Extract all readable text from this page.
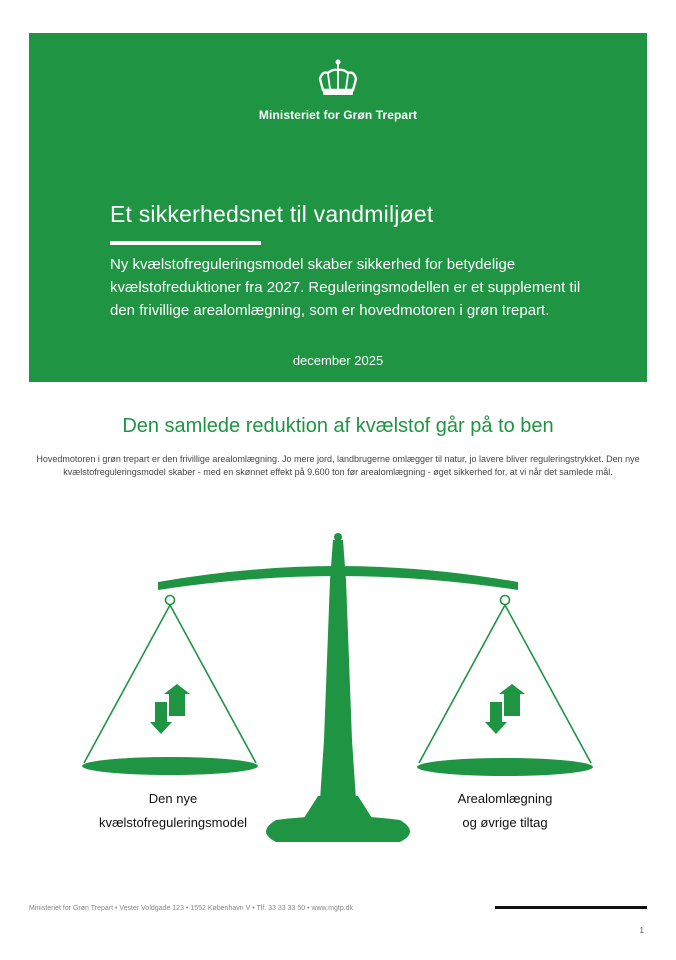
Ministeriet for Grøn Trepart
Et sikkerhedsnet til vandmiljøet

Ny kvælstofreguleringsmodel skaber sikkerhed for betydelige kvælstofreduktioner fra 2027. Reguleringsmodellen er et supplement til den frivillige arealomlægning, som er hovedmotoren i grøn trepart.

december 2025
Den samlede reduktion af kvælstof går på to ben

Hovedmotoren i grøn trepart er den frivillige arealomlægning. Jo mere jord, landbrugerne omlægger til natur, jo lavere bliver reguleringstrykket. Den nye kvælstofreguleringsmodel skaber - med en skønnet effekt på 9.600 ton før arealomlægning - øget sikkerhed for, at vi når det samlede mål.

Den nye
kvælstofreguleringsmodel
Arealomlægning
og øvrige tiltag
Ministeriet for Grøn Trepart • Vester Voldgade 123 • 1552 København V • Tlf. 33 33 33 50 • www.mgtp.dk
1
